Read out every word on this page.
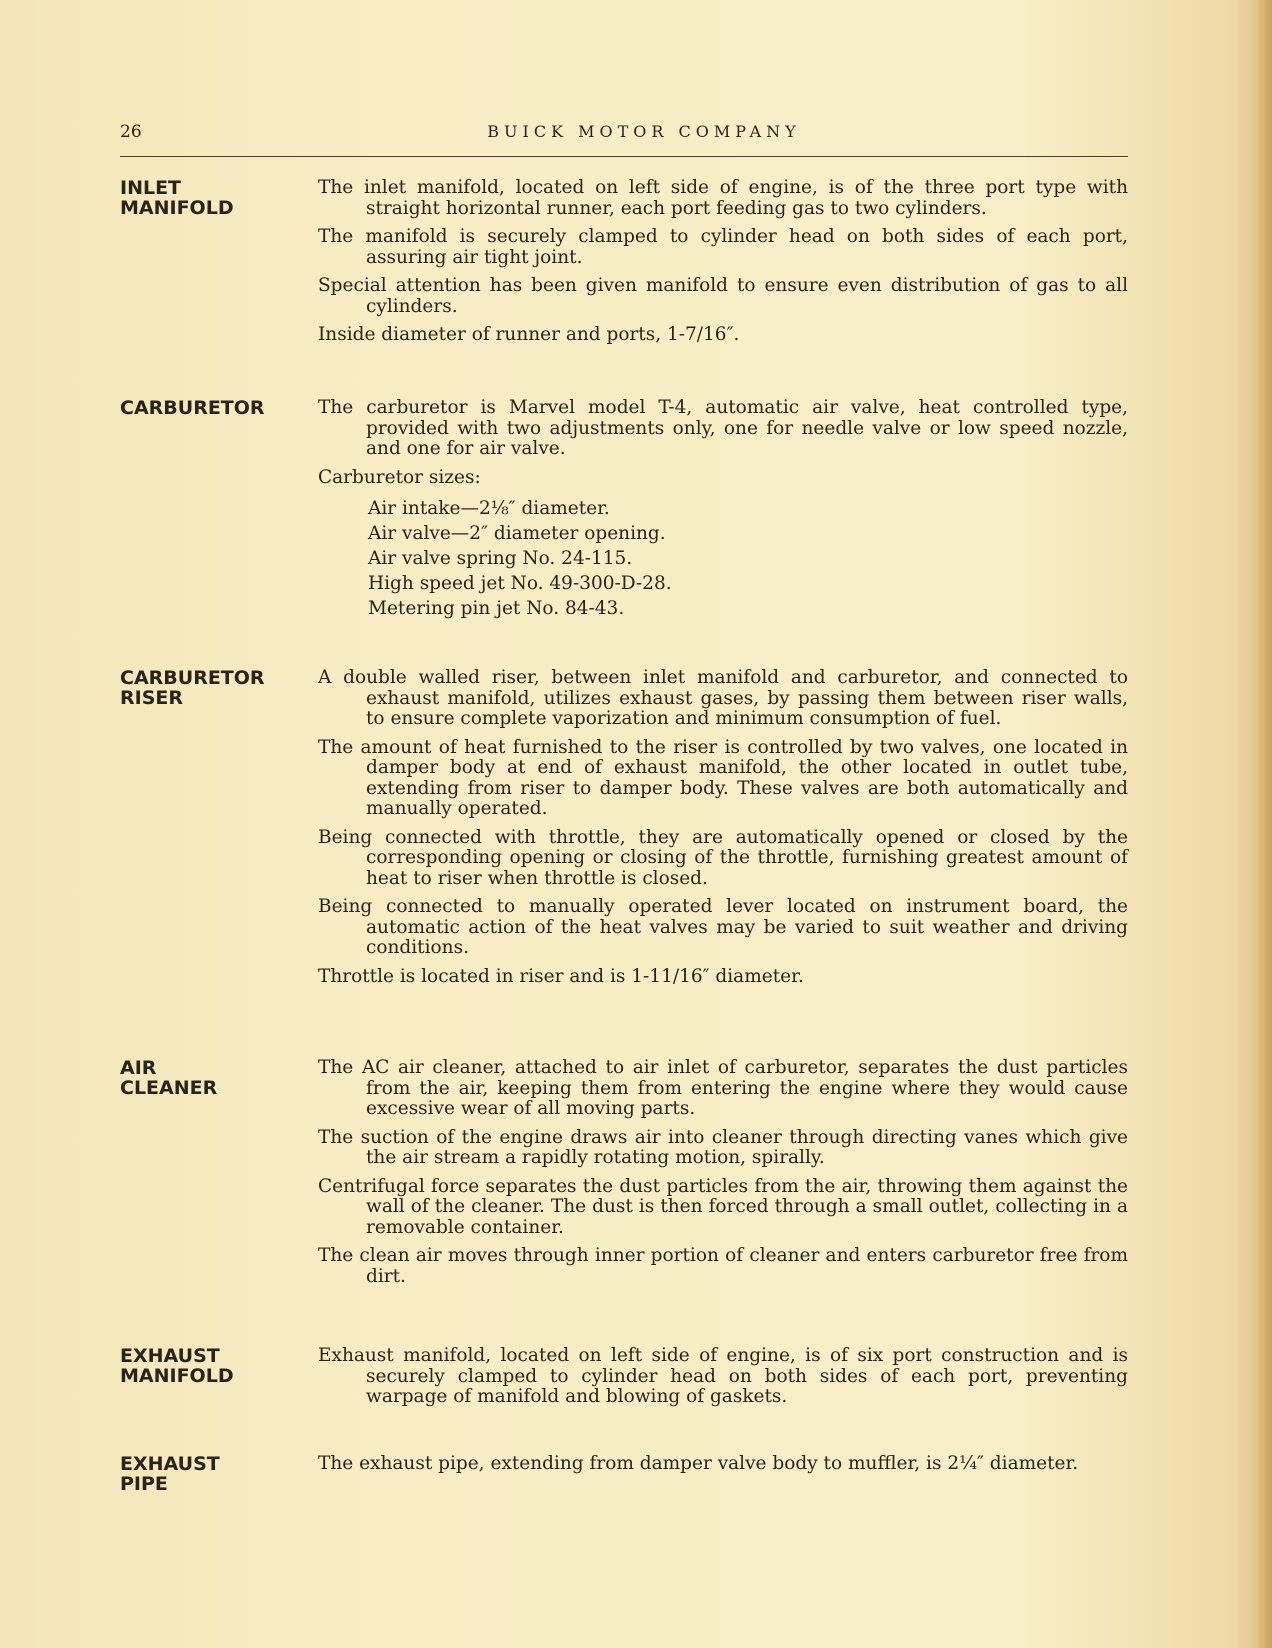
26	BUICK MOTOR COMPANY
INLET
MANIFOLD

The inlet manifold, located on left side of engine, is of the three port type with straight horizontal runner, each port feeding gas to two cylinders.

The manifold is securely clamped to cylinder head on both sides of each port, assuring air tight joint.

Special attention has been given manifold to ensure even distribution of gas to all cylinders.

Inside diameter of runner and ports, 1-7/16″.

CARBURETOR	The carburetor is Marvel model T-4, automatic air valve, heat controlled type, provided with two adjustments only, one for needle valve or low speed nozzle, and one for air valve.

Carburetor sizes:

Air intake—2⅛″ diameter.
Air valve—2″ diameter opening.
Air valve spring No. 24-115.
High speed jet No. 49-300-D-28.
Metering pin jet No. 84-43.
CARBURETOR
RISER

A double walled riser, between inlet manifold and carburetor, and connected to exhaust manifold, utilizes exhaust gases, by passing them between riser walls, to ensure complete vaporization and minimum consumption of fuel.

The amount of heat furnished to the riser is controlled by two valves, one located in damper body at end of exhaust manifold, the other located in outlet tube, extending from riser to damper body. These valves are both automatically and manually operated.

Being connected with throttle, they are automatically opened or closed by the corresponding opening or closing of the throttle, furnishing greatest amount of heat to riser when throttle is closed.

Being connected to manually operated lever located on instrument board, the automatic action of the heat valves may be varied to suit weather and driving conditions.

Throttle is located in riser and is 1-11/16″ diameter.

AIR
CLEANER

The AC air cleaner, attached to air inlet of carburetor, separates the dust particles from the air, keeping them from entering the engine where they would cause excessive wear of all moving parts.

The suction of the engine draws air into cleaner through directing vanes which give the air stream a rapidly rotating motion, spirally.

Centrifugal force separates the dust particles from the air, throwing them against the wall of the cleaner. The dust is then forced through a small outlet, collecting in a removable container.

The clean air moves through inner portion of cleaner and enters carburetor free from dirt.

EXHAUST
MANIFOLD

Exhaust manifold, located on left side of engine, is of six port construction and is securely clamped to cylinder head on both sides of each port, preventing warpage of manifold and blowing of gaskets.

EXHAUST
PIPE

The exhaust pipe, extending from damper valve body to muffler, is 2¼″ diameter.
